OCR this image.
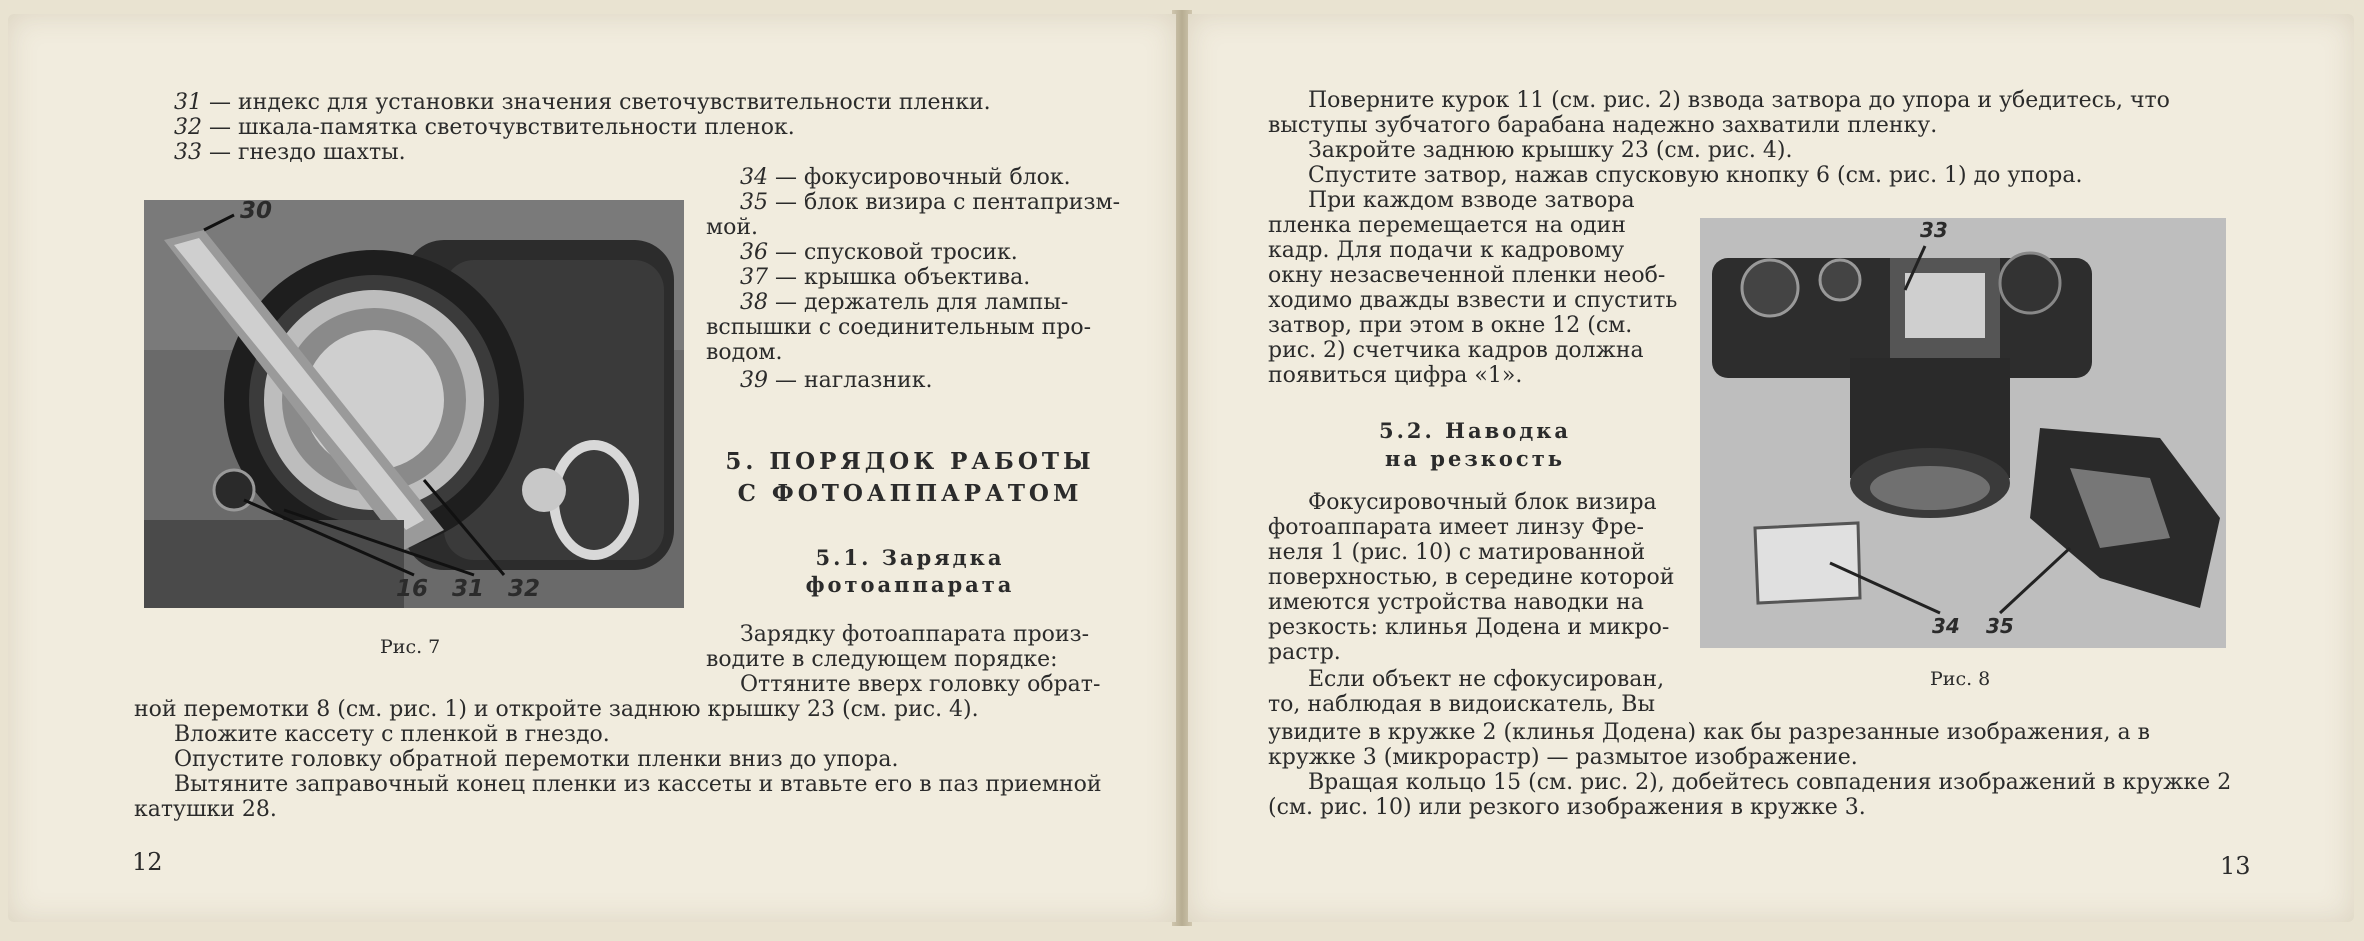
31 — индекс для установки значения светочувствительности пленки.
32 — шкала-памятка светочувствительности пленок.
33 — гнездо шахты.
34 — фокусировочный блок.
35 — блок визира с пентапризм-
мой.
36 — спусковой тросик.
37 — крышка объектива.
38 — держатель для лампы-
вспышки с соединительным про-
водом.
39 — наглазник.
5. ПОРЯДОК РАБОТЫ
С ФОТОАППАРАТОМ
5.1. Зарядка
фотоаппарата
Зарядку фотоаппарата произ-
водите в следующем порядке:
Оттяните вверх головку обрат-
ной перемотки 8 (см. рис. 1) и откройте заднюю крышку 23 (см. рис. 4).
Вложите кассету с пленкой в гнездо.
Опустите головку обратной перемотки пленки вниз до упора.
Вытяните заправочный конец пленки из кассеты и втавьте его в паз приемной
катушки 28.
30
16 31 32
Рис. 7
12
Поверните курок 11 (см. рис. 2) взвода затвора до упора и убедитесь, что
выступы зубчатого барабана надежно захватили пленку.
Закройте заднюю крышку 23 (см. рис. 4).
Спустите затвор, нажав спусковую кнопку 6 (см. рис. 1) до упора.
При каждом взводе затвора
пленка перемещается на один
кадр. Для подачи к кадровому
окну незасвеченной пленки необ-
ходимо дважды взвести и спустить
затвор, при этом в окне 12 (см.
рис. 2) счетчика кадров должна
появиться цифра «1».
5.2. Наводка
на резкость
Фокусировочный блок визира
фотоаппарата имеет линзу Фре-
неля 1 (рис. 10) с матированной
поверхностью, в середине которой
имеются устройства наводки на
резкость: клинья Додена и микро-
растр.
Если объект не сфокусирован,
то, наблюдая в видоискатель, Вы
увидите в кружке 2 (клинья Додена) как бы разрезанные изображения, а в
кружке 3 (микрорастр) — размытое изображение.
Вращая кольцо 15 (см. рис. 2), добейтесь совпадения изображений в кружке 2
(см. рис. 10) или резкого изображения в кружке 3.
33
34 35
Рис. 8
13
